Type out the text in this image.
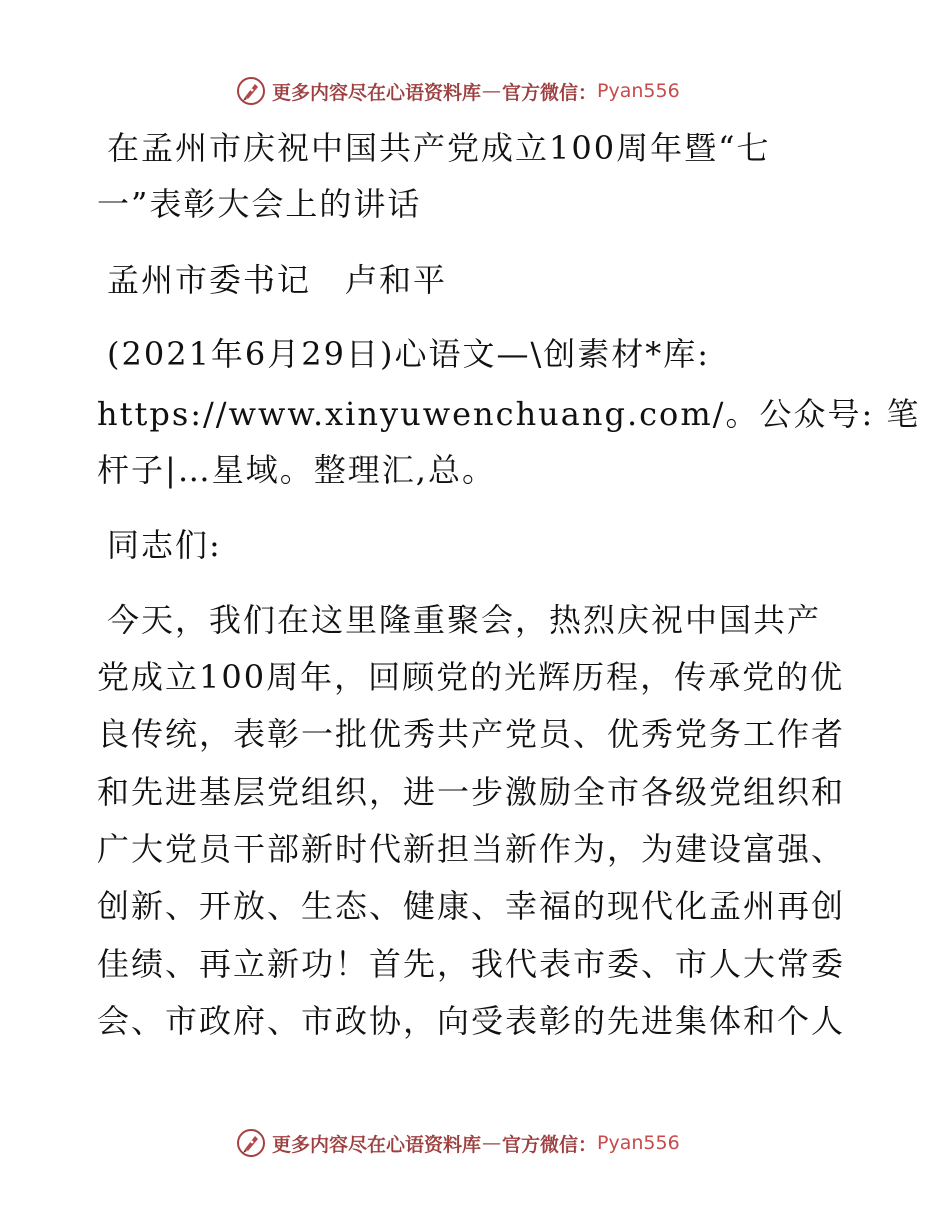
更多内容尽在心语资料库 — 官方微信： Pyan556
在孟州市庆祝中国共产党成立100周年暨“七
一”表彰大会上的讲话
孟州市委书记　卢和平
(2021年6月29日)心语文—\创素材*库:
https://www.xinyuwenchuang.com/。公众号: 笔
杆子|…星域。整理汇,总。
同志们:
今天，我们在这里隆重聚会，热烈庆祝中国共产
党成立100周年，回顾党的光辉历程，传承党的优
良传统，表彰一批优秀共产党员、优秀党务工作者
和先进基层党组织，进一步激励全市各级党组织和
广大党员干部新时代新担当新作为，为建设富强、
创新、开放、生态、健康、幸福的现代化孟州再创
佳绩、再立新功！首先，我代表市委、市人大常委
会、市政府、市政协，向受表彰的先进集体和个人
更多内容尽在心语资料库 — 官方微信： Pyan556
